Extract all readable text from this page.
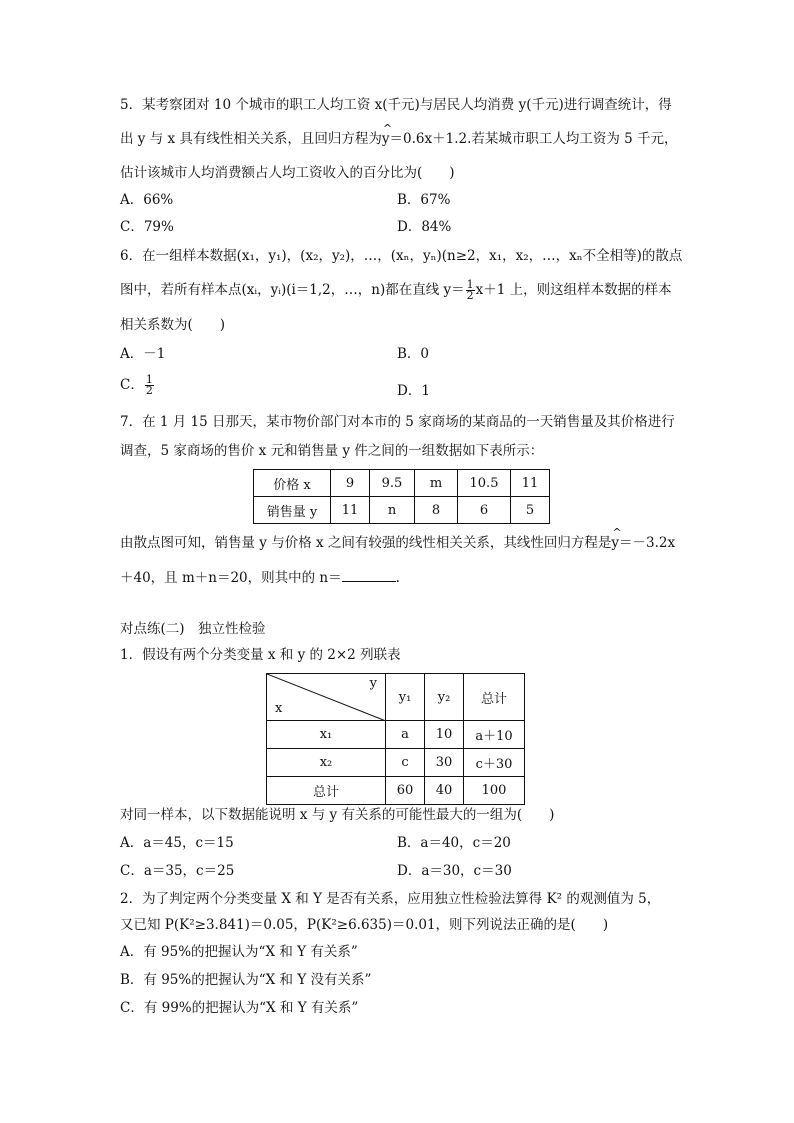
5．某考察团对 10 个城市的职工人均工资 x(千元)与居民人均消费 y(千元)进行调查统计，得
出 y 与 x 具有线性相关关系，且回归方程为^ y＝0.6x＋1.2.若某城市职工人均工资为 5 千元，
估计该城市人均消费额占人均工资收入的百分比为(　　)
A．66%	B．67%
C．79%	D．84%
6．在一组样本数据(x₁，y₁)，(x₂，y₂)，…，(xₙ，yₙ)(n≥2，x₁，x₂，…，xₙ不全相等)的散点
图中，若所有样本点(xᵢ，yᵢ)(i＝1,2，…，n)都在直线 $y= \frac{1}{2} x+1$ 上，则这组样本数据的样本
相关系数为(　　)
A．－1	B．0
C． $\frac{1}{2}$	D．1
7．在 1 月 15 日那天，某市物价部门对本市的 5 家商场的某商品的一天销售量及其价格进行
调查，5 家商场的售价 x 元和销售量 y 件之间的一组数据如下表所示：
价格 x	9	9.5	m	10.5	11
销售量 y	11	n	8	6	5
由散点图可知，销售量 y 与价格 x 之间有较强的线性相关关系，其线性回归方程是^ y＝－3.2x
＋40，且 m＋n＝20，则其中的 n＝	.
对点练(二)　独立性检验
1．假设有两个分类变量 x 和 y 的 2×2 列联表
y
x	y₁	y₂	总计
x₁	a	10	a＋10
x₂	c	30	c＋30
总计	60	40	100
对同一样本，以下数据能说明 x 与 y 有关系的可能性最大的一组为(　　)
A．a＝45，c＝15	B．a＝40，c＝20
C．a＝35，c＝25	D．a＝30，c＝30
2．为了判定两个分类变量 X 和 Y 是否有关系，应用独立性检验法算得 K² 的观测值为 5，
又已知 P(K²≥3.841)＝0.05，P(K²≥6.635)＝0.01，则下列说法正确的是(　　)
A．有 95%的把握认为“X 和 Y 有关系”
B．有 95%的把握认为“X 和 Y 没有关系”
C．有 99%的把握认为“X 和 Y 有关系”
